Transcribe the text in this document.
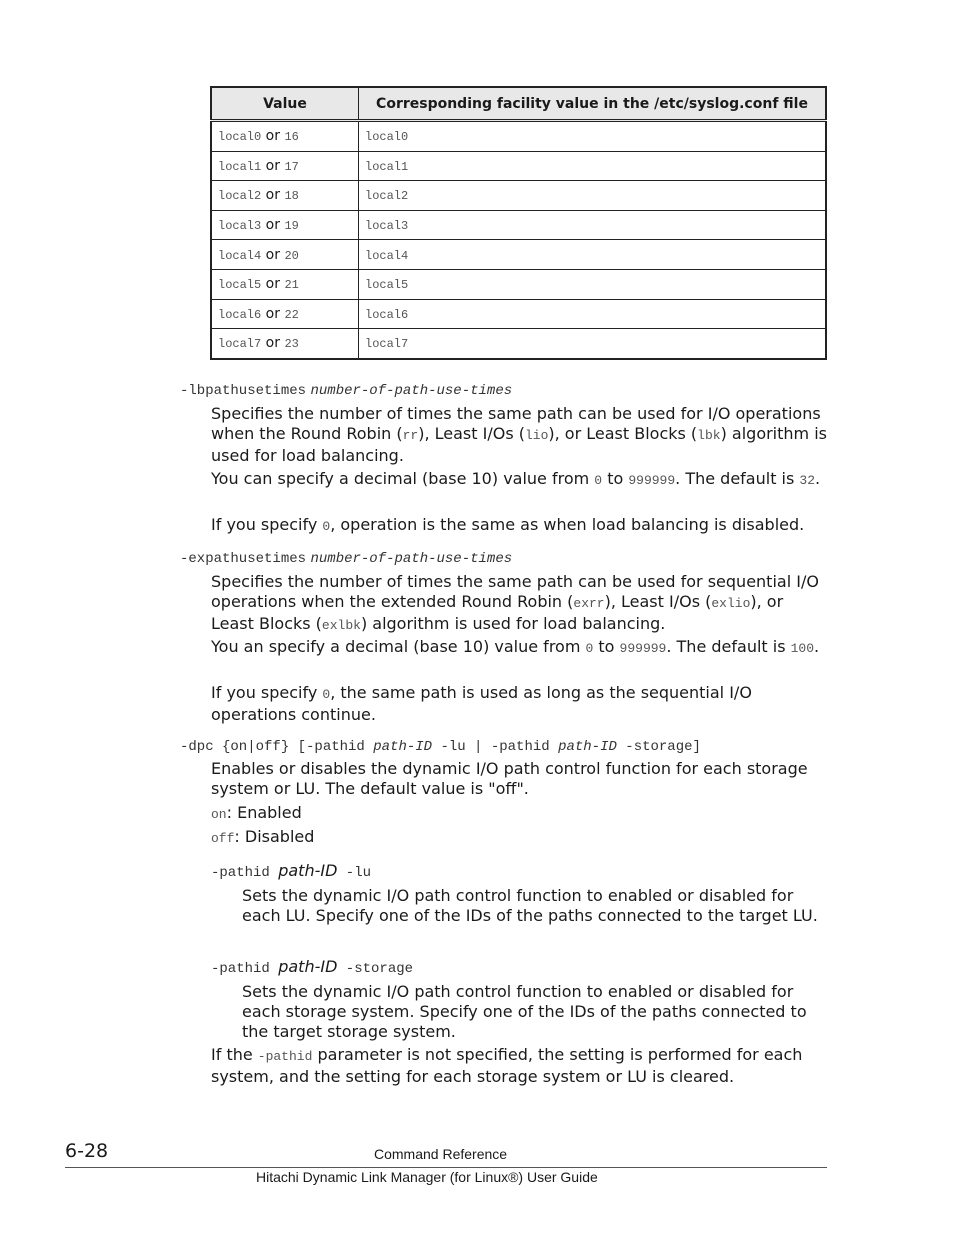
Value	Corresponding facility value in the /etc/syslog.conf file
local0 or 16	local0
local1 or 17	local1
local2 or 18	local2
local3 or 19	local3
local4 or 20	local4
local5 or 21	local5
local6 or 22	local6
local7 or 23	local7
-lbpathusetimes number-of-path-use-times

Specifies the number of times the same path can be used for I/O operations when the Round Robin (rr), Least I/Os (lio), or Least Blocks (lbk) algorithm is used for load balancing.

You can specify a decimal (base 10) value from 0 to 999999. The default is 32.

If you specify 0, operation is the same as when load balancing is disabled.

-expathusetimes number-of-path-use-times

Specifies the number of times the same path can be used for sequential I/O operations when the extended Round Robin (exrr), Least I/Os (exlio), or Least Blocks (exlbk) algorithm is used for load balancing.

You an specify a decimal (base 10) value from 0 to 999999. The default is 100.

If you specify 0, the same path is used as long as the sequential I/O operations continue.

-dpc {on|off} [-pathid path-ID -lu | -pathid path-ID -storage]

Enables or disables the dynamic I/O path control function for each storage system or LU. The default value is "off".

on: Enabled

off: Disabled

-pathid path-ID -lu

Sets the dynamic I/O path control function to enabled or disabled for each LU. Specify one of the IDs of the paths connected to the target LU.

-pathid path-ID -storage

Sets the dynamic I/O path control function to enabled or disabled for each storage system. Specify one of the IDs of the paths connected to the target storage system.

If the -pathid parameter is not specified, the setting is performed for each system, and the setting for each storage system or LU is cleared.

6-28	Command Reference
Hitachi Dynamic Link Manager (for Linux®) User Guide
